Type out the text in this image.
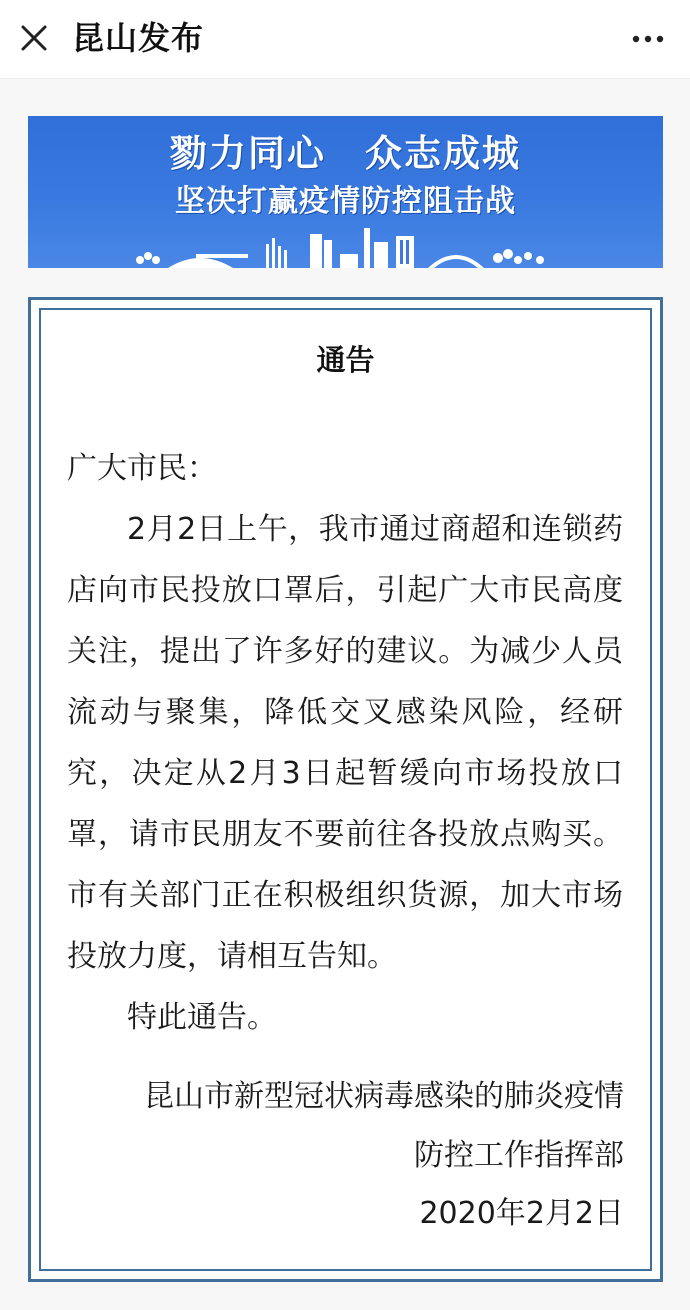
昆山发布
勠力同心　众志成城
坚决打赢疫情防控阻击战
通告
广大市民：
2月2日上午，我市通过商超和连锁药店向市民投放口罩后，引起广大市民高度关注，提出了许多好的建议。为减少人员流动与聚集，降低交叉感染风险，经研究，决定从2月3日起暂缓向市场投放口罩，请市民朋友不要前往各投放点购买。市有关部门正在积极组织货源，加大市场投放力度，请相互告知。
特此通告。
昆山市新型冠状病毒感染的肺炎疫情
防控工作指挥部
2020年2月2日
